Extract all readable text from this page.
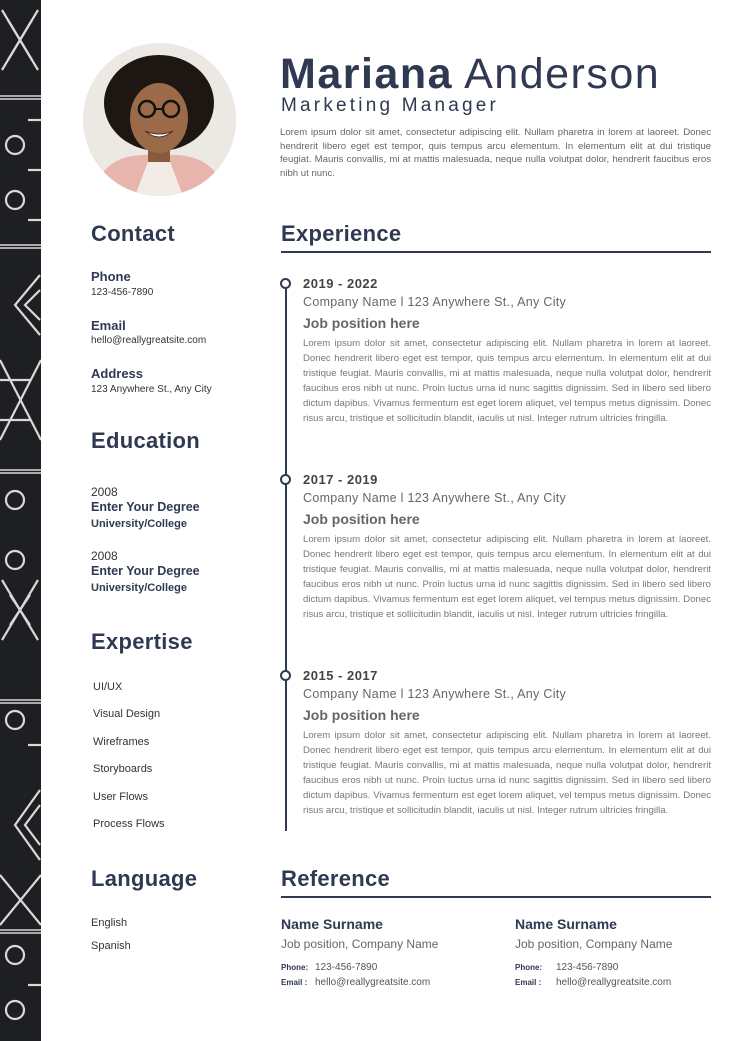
Mariana Anderson
Marketing Manager
Lorem ipsum dolor sit amet, consectetur adipiscing elit. Nullam pharetra in lorem at laoreet. Donec hendrerit libero eget est tempor, quis tempus arcu elementum. In elementum elit at dui tristique feugiat. Mauris convallis, mi at mattis malesuada, neque nulla volutpat dolor, hendrerit faucibus eros nibh ut nunc.
Contact
Phone
123-456-7890
Email
hello@reallygreatsite.com
Address
123 Anywhere St., Any City
Education
2008
Enter Your Degree
University/College
2008
Enter Your Degree
University/College
Expertise
UI/UX
Visual Design
Wireframes
Storyboards
User Flows
Process Flows
Language
English
Spanish
Experience
2019 - 2022
Company Name l 123 Anywhere St., Any City
Job position here
Lorem ipsum dolor sit amet, consectetur adipiscing elit. Nullam pharetra in lorem at laoreet. Donec hendrerit libero eget est tempor, quis tempus arcu elementum. In elementum elit at dui tristique feugiat. Mauris convallis, mi at mattis malesuada, neque nulla volutpat dolor, hendrerit faucibus eros nibh ut nunc. Proin luctus urna id nunc sagittis dignissim. Sed in libero sed libero dictum dapibus. Vivamus fermentum est eget lorem aliquet, vel tempus metus dignissim. Donec risus arcu, tristique et sollicitudin blandit, iaculis ut nisl. Integer rutrum ultricies fringilla.
2017 - 2019
Company Name l 123 Anywhere St., Any City
Job position here
Lorem ipsum dolor sit amet, consectetur adipiscing elit. Nullam pharetra in lorem at laoreet. Donec hendrerit libero eget est tempor, quis tempus arcu elementum. In elementum elit at dui tristique feugiat. Mauris convallis, mi at mattis malesuada, neque nulla volutpat dolor, hendrerit faucibus eros nibh ut nunc. Proin luctus urna id nunc sagittis dignissim. Sed in libero sed libero dictum dapibus. Vivamus fermentum est eget lorem aliquet, vel tempus metus dignissim. Donec risus arcu, tristique et sollicitudin blandit, iaculis ut nisl. Integer rutrum ultricies fringilla.
2015 - 2017
Company Name l 123 Anywhere St., Any City
Job position here
Lorem ipsum dolor sit amet, consectetur adipiscing elit. Nullam pharetra in lorem at laoreet. Donec hendrerit libero eget est tempor, quis tempus arcu elementum. In elementum elit at dui tristique feugiat. Mauris convallis, mi at mattis malesuada, neque nulla volutpat dolor, hendrerit faucibus eros nibh ut nunc. Proin luctus urna id nunc sagittis dignissim. Sed in libero sed libero dictum dapibus. Vivamus fermentum est eget lorem aliquet, vel tempus metus dignissim. Donec risus arcu, tristique et sollicitudin blandit, iaculis ut nisl. Integer rutrum ultricies fringilla.
Reference
Name Surname
Job position, Company Name
Phone: 123-456-7890
Email : hello@reallygreatsite.com
Name Surname
Job position, Company Name
Phone: 123-456-7890
Email : hello@reallygreatsite.com
